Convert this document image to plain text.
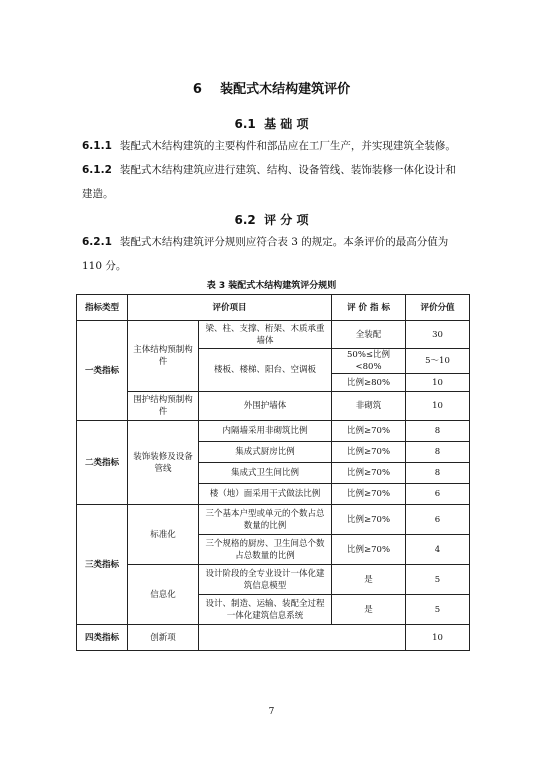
6 装配式木结构建筑评价
6.1 基 础 项
6.1.1 装配式木结构建筑的主要构件和部品应在工厂生产，并实现建筑全装修。
6.1.2 装配式木结构建筑应进行建筑、结构、设备管线、装饰装修一体化设计和建造。
6.2 评 分 项
6.2.1 装配式木结构建筑评分规则应符合表 3 的规定。本条评价的最高分值为 110 分。
表 3 装配式木结构建筑评分规则
指标类型	评价项目		评 价 指 标	评价分值
一类指标	主体结构预制构件	梁、柱、支撑、桁架、木质承重墙体	全装配	30
		楼板、楼梯、阳台、空调板	50%≤比例<80%	5～10
			比例≥80%	10
	围护结构预制构件	外围护墙体	非砌筑	10
二类指标	装饰装修及设备管线	内隔墙采用非砌筑比例	比例≥70%	8
		集成式厨房比例	比例≥70%	8
		集成式卫生间比例	比例≥70%	8
		楼（地）面采用干式做法比例	比例≥70%	6
三类指标	标准化	三个基本户型或单元的个数占总数量的比例	比例≥70%	6
		三个规格的厨房、卫生间总个数占总数量的比例	比例≥70%	4
	信息化	设计阶段的全专业设计一体化建筑信息模型	是	5
		设计、制造、运输、装配全过程一体化建筑信息系统	是	5
四类指标	创新项			10
7
